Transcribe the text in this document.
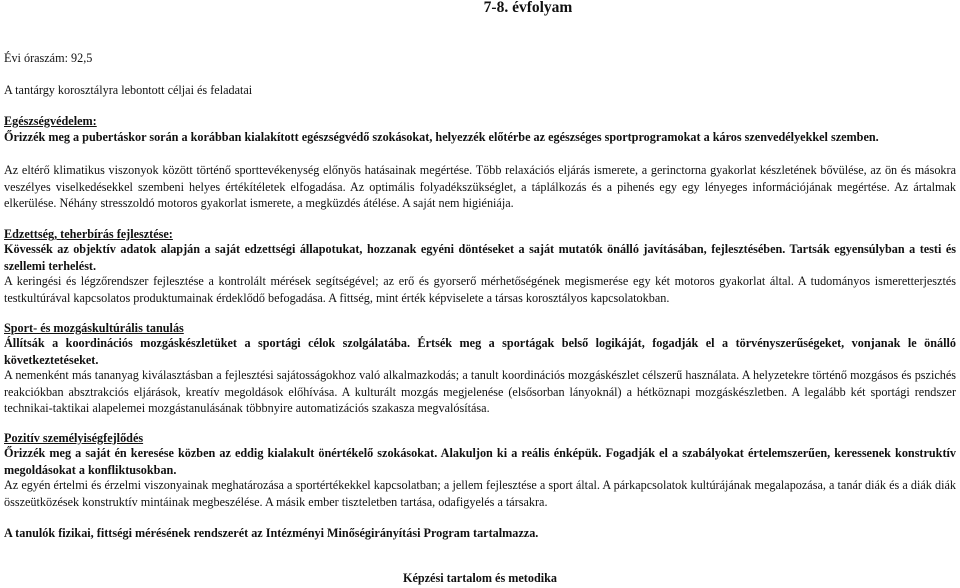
7-8. évfolyam
Évi óraszám: 92,5
A tantárgy korosztályra lebontott céljai és feladatai
Egészségvédelem:
Őrizzék meg a pubertáskor során a korábban kialakított egészségvédő szokásokat, helyezzék előtérbe az egészséges sportprogramokat a káros szenvedélyekkel szemben.
Az eltérő klimatikus viszonyok között történő sporttevékenység előnyös hatásainak megértése. Több relaxációs eljárás ismerete, a gerinctorna gyakorlat készletének bővülése, az ön és másokra veszélyes viselkedésekkel szembeni helyes értékítéletek elfogadása. Az optimális folyadékszükséglet, a táplálkozás és a pihenés egy egy lényeges információjának megértése. Az ártalmak elkerülése. Néhány stresszoldó motoros gyakorlat ismerete, a megküzdés átélése. A saját nem higiéniája.
Edzettség, teherbírás fejlesztése:
Kövessék az objektív adatok alapján a saját edzettségi állapotukat, hozzanak egyéni döntéseket a saját mutatók önálló javításában, fejlesztésében. Tartsák egyensúlyban a testi és szellemi terhelést.
A keringési és légzőrendszer fejlesztése a kontrolált mérések segítségével; az erő és gyorserő mérhetőségének megismerése egy két motoros gyakorlat által. A tudományos ismeretterjesztés testkultúrával kapcsolatos produktumainak érdeklődő befogadása. A fittség, mint érték képviselete a társas korosztályos kapcsolatokban.
Sport- és mozgáskultúrális tanulás
Állítsák a koordinációs mozgáskészletüket a sportági célok szolgálatába. Értsék meg a sportágak belső logikáját, fogadják el a törvényszerűségeket, vonjanak le önálló következtetéseket.
A nemenként más tananyag kiválasztásban a fejlesztési sajátosságokhoz való alkalmazkodás; a tanult koordinációs mozgáskészlet célszerű használata. A helyzetekre történő mozgásos és pszichés reakciókban absztrakciós eljárások, kreatív megoldások előhívása. A kulturált mozgás megjelenése (elsősorban lányoknál) a hétköznapi mozgáskészletben. A legalább két sportági rendszer technikai-taktikai alapelemei mozgástanulásának többnyire automatizációs szakasza megvalósítása.
Pozitív személyiségfejlődés
Őrizzék meg a saját én keresése közben az eddig kialakult önértékelő szokásokat. Alakuljon ki a reális énképük. Fogadják el a szabályokat értelemszerűen, keressenek konstruktív megoldásokat a konfliktusokban.
Az egyén értelmi és érzelmi viszonyainak meghatározása a sportértékekkel kapcsolatban; a jellem fejlesztése a sport által. A párkapcsolatok kultúrájának megalapozása, a tanár diák és a diák diák összeütközések konstruktív mintáinak megbeszélése. A másik ember tiszteletben tartása, odafigyelés a társakra.
A tanulók fizikai, fittségi mérésének rendszerét az Intézményi Minőségirányítási Program tartalmazza.
Képzési tartalom és metodika
